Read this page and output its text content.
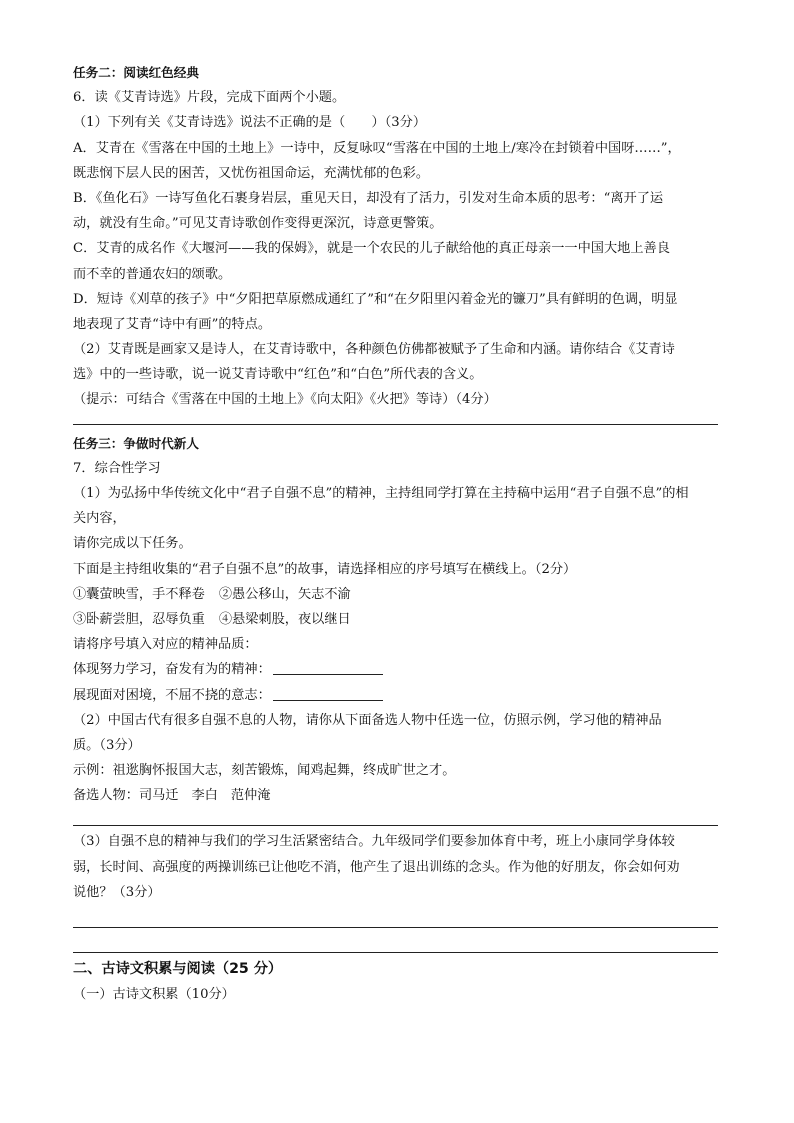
任务二：阅读红色经典
6．读《艾青诗选》片段，完成下面两个小题。
（1）下列有关《艾青诗选》说法不正确的是（　　）（3分）
A．艾青在《雪落在中国的土地上》一诗中，反复咏叹“雪落在中国的土地上/寒冷在封锁着中国呀……”，
既悲悯下层人民的困苦，又忧伤祖国命运，充满忧郁的色彩。
B．《鱼化石》一诗写鱼化石裹身岩层，重见天日，却没有了活力，引发对生命本质的思考：“离开了运
动，就没有生命。”可见艾青诗歌创作变得更深沉，诗意更警策。
C．艾青的成名作《大堰河——我的保姆》，就是一个农民的儿子献给他的真正母亲一一中国大地上善良
而不幸的普通农妇的颂歌。
D．短诗《刈草的孩子》中“夕阳把草原燃成通红了”和“在夕阳里闪着金光的镰刀”具有鲜明的色调，明显
地表现了艾青“诗中有画”的特点。
（2）艾青既是画家又是诗人，在艾青诗歌中，各种颜色仿佛都被赋予了生命和内涵。请你结合《艾青诗
选》中的一些诗歌，说一说艾青诗歌中“红色”和“白色”所代表的含义。
（提示：可结合《雪落在中国的土地上》《向太阳》《火把》等诗）（4分）
任务三：争做时代新人
7．综合性学习
（1）为弘扬中华传统文化中“君子自强不息”的精神，主持组同学打算在主持稿中运用“君子自强不息”的相
关内容，
请你完成以下任务。
下面是主持组收集的“君子自强不息”的故事，请选择相应的序号填写在横线上。（2分）
①囊萤映雪，手不释卷 ②愚公移山，矢志不渝
③卧薪尝胆，忍辱负重 ④悬梁刺股，夜以继日
请将序号填入对应的精神品质：
体现努力学习，奋发有为的精神：
展现面对困境，不屈不挠的意志：
（2）中国古代有很多自强不息的人物，请你从下面备选人物中任选一位，仿照示例，学习他的精神品
质。（3分）
示例：祖逖胸怀报国大志，刻苦锻炼，闻鸡起舞，终成旷世之才。
备选人物：司马迁 李白 范仲淹
（3）自强不息的精神与我们的学习生活紧密结合。九年级同学们要参加体育中考，班上小康同学身体较
弱，长时间、高强度的两操训练已让他吃不消，他产生了退出训练的念头。作为他的好朋友，你会如何劝
说他？（3分）
二、古诗文积累与阅读（25 分）
（一）古诗文积累（10分）
